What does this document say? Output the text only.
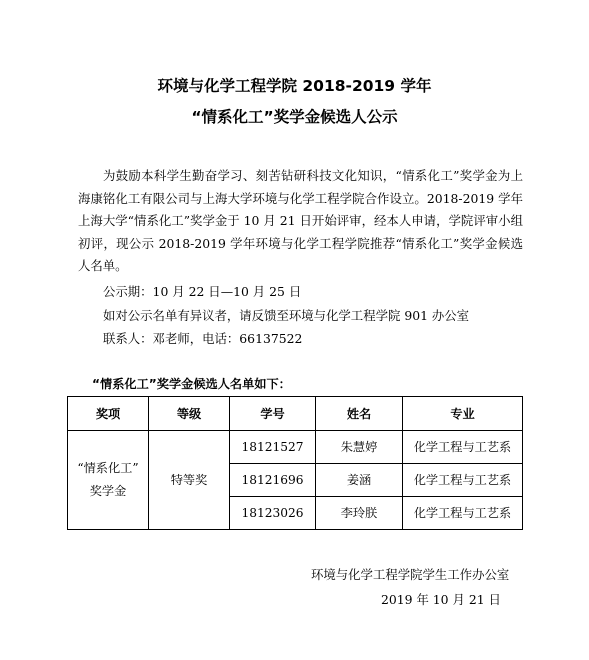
环境与化学工程学院 2018-2019 学年
“情系化工”奖学金候选人公示
为鼓励本科学生勤奋学习、刻苦钻研科技文化知识，“情系化工”奖学金为上海康铭化工有限公司与上海大学环境与化学工程学院合作设立。2018-2019 学年上海大学“情系化工”奖学金于 10 月 21 日开始评审，经本人申请，学院评审小组初评，现公示 2018-2019 学年环境与化学工程学院推荐“情系化工”奖学金候选人名单。
公示期：10 月 22 日—10 月 25 日
如对公示名单有异议者，请反馈至环境与化学工程学院 901 办公室
联系人：邓老师，电话：66137522
“情系化工”奖学金候选人名单如下：
奖项	等级	学号	姓名	专业

“情系化工”
奖学金	特等奖	18121527	朱慧婷	化学工程与工艺系
		18121696	姜涵	化学工程与工艺系
		18123026	李玲朕	化学工程与工艺系
环境与化学工程学院学生工作办公室
2019 年 10 月 21 日
